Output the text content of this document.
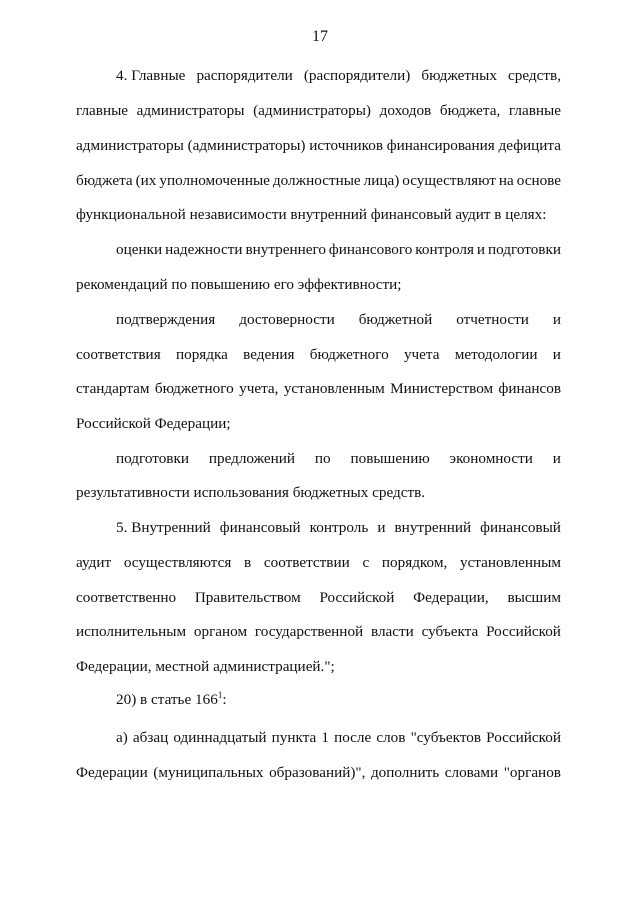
17
4. Главные распорядители (распорядители) бюджетных средств,
главные администраторы (администраторы) доходов бюджета, главные
администраторы (администраторы) источников финансирования дефицита
бюджета (их уполномоченные должностные лица) осуществляют на основе
функциональной независимости внутренний финансовый аудит в целях:
оценки надежности внутреннего финансового контроля и подготовки
рекомендаций по повышению его эффективности;
подтверждения достоверности бюджетной отчетности и
соответствия порядка ведения бюджетного учета методологии и
стандартам бюджетного учета, установленным Министерством финансов
Российской Федерации;
подготовки предложений по повышению экономности и
результативности использования бюджетных средств.
5. Внутренний финансовый контроль и внутренний финансовый
аудит осуществляются в соответствии с порядком, установленным
соответственно Правительством Российской Федерации, высшим
исполнительным органом государственной власти субъекта Российской
Федерации, местной администрацией.";
20) в статье $166^1$:
а) абзац одиннадцатый пункта 1 после слов "субъектов Российской
Федерации (муниципальных образований)", дополнить словами "органов
